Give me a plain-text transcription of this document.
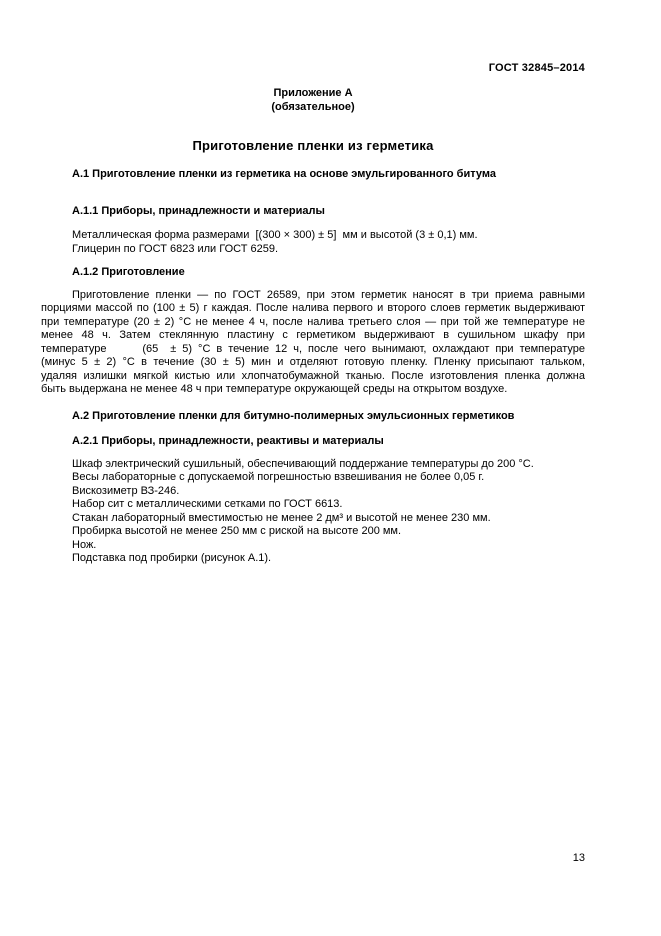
ГОСТ 32845–2014
Приложение А
(обязательное)
Приготовление пленки из герметика
А.1 Приготовление пленки из герметика на основе эмульгированного битума
А.1.1 Приборы, принадлежности и материалы
Металлическая форма размерами  [(300 × 300) ± 5]  мм и высотой (3 ± 0,1) мм.
Глицерин по ГОСТ 6823 или ГОСТ 6259.
А.1.2 Приготовление
Приготовление пленки — по ГОСТ 26589, при этом герметик наносят в три приема равными
порциями массой по (100 ± 5) г каждая. После налива первого и второго слоев герметик выдерживают
при температуре (20 ± 2) °С не менее 4 ч, после налива третьего слоя — при той же температуре не
менее 48 ч. Затем стеклянную пластину с герметиком выдерживают в сушильном шкафу при
температуре      (65  ± 5) °С в течение 12 ч, после чего вынимают, охлаждают при температуре
(минус 5 ± 2) °С в течение (30 ± 5) мин и отделяют готовую пленку. Пленку присыпают тальком,
удаляя излишки мягкой кистью или хлопчатобумажной тканью. После изготовления пленка должна
быть выдержана не менее 48 ч при температуре окружающей среды на открытом воздухе.
А.2 Приготовление пленки для битумно-полимерных эмульсионных герметиков
А.2.1 Приборы, принадлежности, реактивы и материалы
Шкаф электрический сушильный, обеспечивающий поддержание температуры до 200 °С.
Весы лабораторные с допускаемой погрешностью взвешивания не более 0,05 г.
Вискозиметр ВЗ-246.
Набор сит с металлическими сетками по ГОСТ 6613.
Стакан лабораторный вместимостью не менее 2 дм³ и высотой не менее 230 мм.
Пробирка высотой не менее 250 мм с риской на высоте 200 мм.
Нож.
Подставка под пробирки (рисунок А.1).
13
